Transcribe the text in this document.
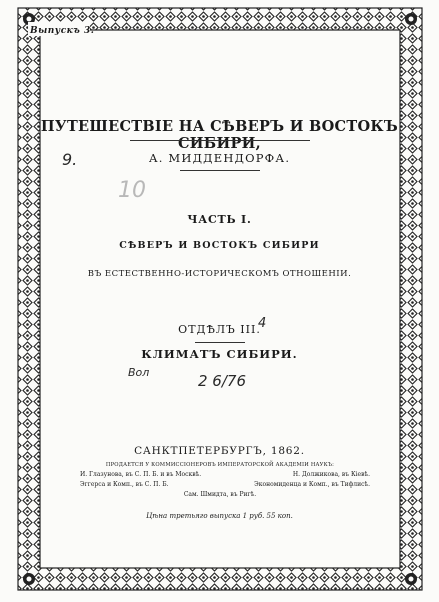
Выпускъ 3.
ПУТЕШЕСТВІЕ НА СѢВЕРЪ И ВОСТОКЪ СИБИРИ,
А. МИДДЕНДОРФА.
ЧАСТЬ I.
СѢВЕРЪ И ВОСТОКЪ СИБИРИ
ВЪ ЕСТЕСТВЕННО-ИСТОРИЧЕСКОМЪ ОТНОШЕНІИ.
ОТДѢЛЪ III.
КЛИМАТЪ СИБИРИ.
САНКТПЕТЕРБУРГЪ, 1862.
ПРОДАЕТСЯ У КОММИССІОНЕРОВЪ ИМПЕРАТОРСКОЙ АКАДЕМІИ НАУКЪ:
И. Глазунова, въ С. П. Б. и въ Москвѣ.	Н. Должикова, въ Кіевѣ.
Эггерса и Комп., въ С. П. Б.	Экономиденца и Комп., въ Тифлисѣ.
Сам. Шмидта, въ Ригѣ.
Цѣна третьяго выпуска 1 руб. 55 коп.
9.
10
4
Вол	2 6/76
